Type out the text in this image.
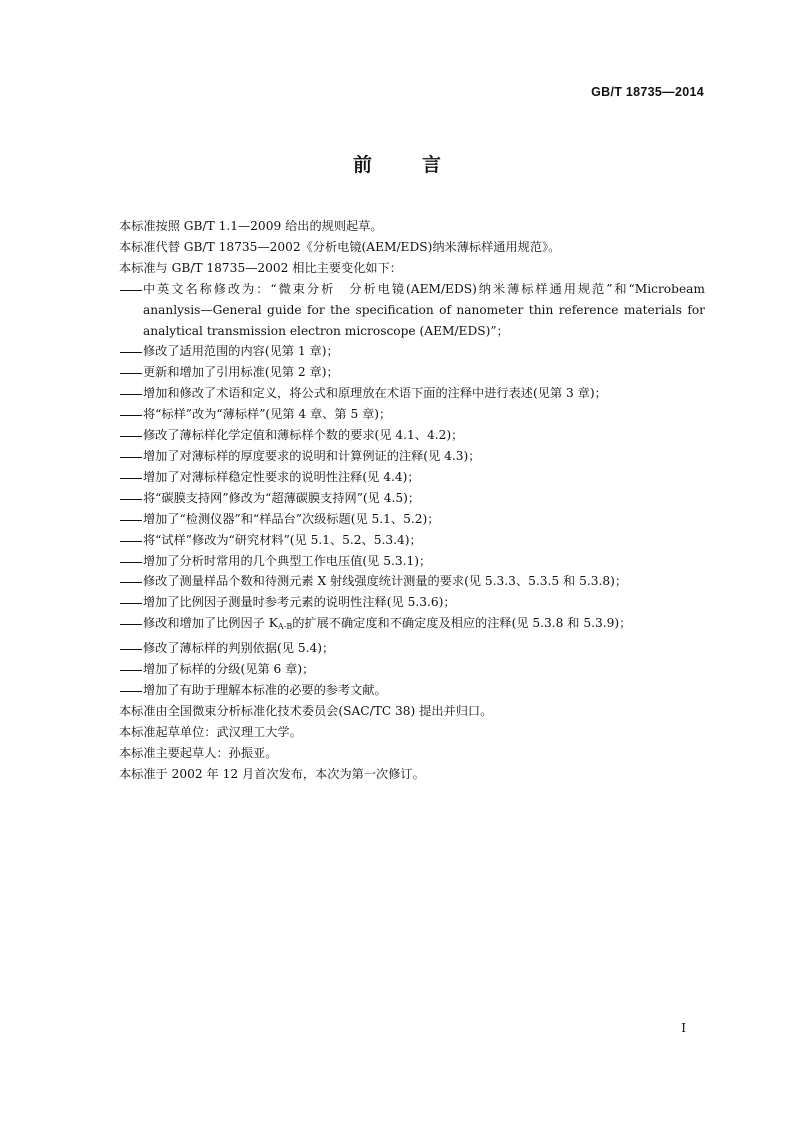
GB/T 18735—2014
前言
本标准按照 GB/T 1.1—2009 给出的规则起草。
本标准代替 GB/T 18735—2002《分析电镜(AEM/EDS)纳米薄标样通用规范》。
本标准与 GB/T 18735—2002 相比主要变化如下：
中英文名称修改为：“微束分析　分析电镜(AEM/EDS)纳米薄标样通用规范”和“Microbeam ananlysis—General guide for the specification of nanometer thin reference materials for analytical transmission electron microscope (AEM/EDS)”；
修改了适用范围的内容(见第 1 章)；
更新和增加了引用标准(见第 2 章)；
增加和修改了术语和定义，将公式和原理放在术语下面的注释中进行表述(见第 3 章)；
将“标样”改为“薄标样”(见第 4 章、第 5 章)；
修改了薄标样化学定值和薄标样个数的要求(见 4.1、4.2)；
增加了对薄标样的厚度要求的说明和计算例证的注释(见 4.3)；
增加了对薄标样稳定性要求的说明性注释(见 4.4)；
将“碳膜支持网”修改为“超薄碳膜支持网”(见 4.5)；
增加了“检测仪器”和“样品台”次级标题(见 5.1、5.2)；
将“试样”修改为“研究材料”(见 5.1、5.2、5.3.4)；
增加了分析时常用的几个典型工作电压值(见 5.3.1)；
修改了测量样品个数和待测元素 X 射线强度统计测量的要求(见 5.3.3、5.3.5 和 5.3.8)；
增加了比例因子测量时参考元素的说明性注释(见 5.3.6)；
修改和增加了比例因子 $K_{A-B}$的扩展不确定度和不确定度及相应的注释(见 5.3.8 和 5.3.9)；
修改了薄标样的判别依据(见 5.4)；
增加了标样的分级(见第 6 章)；
增加了有助于理解本标准的必要的参考文献。
本标准由全国微束分析标准化技术委员会(SAC/TC 38) 提出并归口。
本标准起草单位：武汉理工大学。
本标准主要起草人：孙振亚。
本标准于 2002 年 12 月首次发布，本次为第一次修订。
I
